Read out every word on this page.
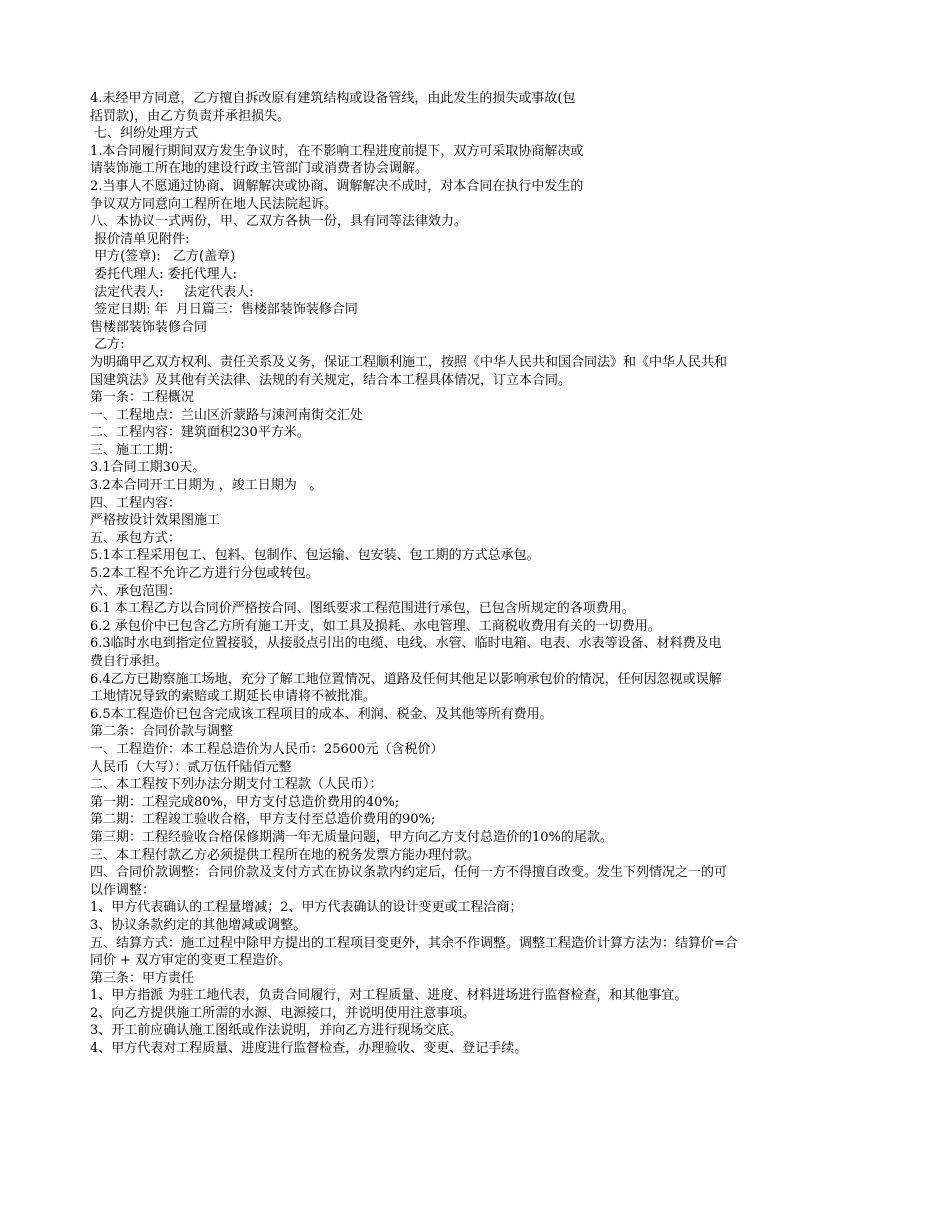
4.未经甲方同意，乙方擅自拆改原有建筑结构或设备管线，由此发生的损失或事故(包
括罚款)，由乙方负责并承担损失。
七、纠纷处理方式
1.本合同履行期间双方发生争议时，在不影响工程进度前提下，双方可采取协商解决或
请装饰施工所在地的建设行政主管部门或消费者协会调解。
2.当事人不愿通过协商、调解解决或协商、调解解决不成时，对本合同在执行中发生的
争议双方同意向工程所在地人民法院起诉。
八、本协议一式两份，甲、乙双方各执一份，具有同等法律效力。
报价清单见附件:
甲方(签章):   乙方(盖章)
委托代理人: 委托代理人:
法定代表人:     法定代表人:
签定日期: 年  月日篇三：售楼部装饰装修合同
售楼部装饰装修合同
乙方:
为明确甲乙双方权利、责任关系及义务，保证工程顺利施工，按照《中华人民共和国合同法》和《中华人民共和
国建筑法》及其他有关法律、法规的有关规定，结合本工程具体情况，订立本合同。
第一条：工程概况
一、工程地点：兰山区沂蒙路与涑河南街交汇处
二、工程内容：建筑面积230平方米。
三、施工工期：
3.1合同工期30天。
3.2本合同开工日期为 ，竣工日期为   。
四、工程内容：
严格按设计效果图施工
五、承包方式：
5.1本工程采用包工、包料、包制作、包运输、包安装、包工期的方式总承包。
5.2本工程不允许乙方进行分包或转包。
六、承包范围：
6.1 本工程乙方以合同价严格按合同、图纸要求工程范围进行承包，已包含所规定的各项费用。
6.2 承包价中已包含乙方所有施工开支，如工具及损耗、水电管理、工商税收费用有关的一切费用。
6.3临时水电到指定位置接驳，从接驳点引出的电缆、电线、水管、临时电箱、电表、水表等设备、材料费及电
费自行承担。
6.4乙方已勘察施工场地，充分了解工地位置情况、道路及任何其他足以影响承包价的情况，任何因忽视或误解
工地情况导致的索赔或工期延长申请将不被批准。
6.5本工程造价已包含完成该工程项目的成本、利润、税金、及其他等所有费用。
第二条：合同价款与调整
一、工程造价：本工程总造价为人民币：25600元（含税价）
人民币（大写）：贰万伍仟陆佰元整
二、本工程按下列办法分期支付工程款（人民币）：
第一期：工程完成80%，甲方支付总造价费用的40%;
第二期：工程竣工验收合格，甲方支付至总造价费用的90%;
第三期：工程经验收合格保修期满一年无质量问题，甲方向乙方支付总造价的10%的尾款。
三、本工程付款乙方必须提供工程所在地的税务发票方能办理付款。
四、合同价款调整：合同价款及支付方式在协议条款内约定后，任何一方不得擅自改变。发生下列情况之一的可
以作调整：
1、甲方代表确认的工程量增减；2、甲方代表确认的设计变更或工程洽商；
3、协议条款约定的其他增减或调整。
五、结算方式：施工过程中除甲方提出的工程项目变更外，其余不作调整。调整工程造价计算方法为：结算价=合
同价 + 双方审定的变更工程造价。
第三条：甲方责任
1、甲方指派 为驻工地代表，负责合同履行，对工程质量、进度、材料进场进行监督检查，和其他事宜。
2、向乙方提供施工所需的水源、电源接口，并说明使用注意事项。
3、开工前应确认施工图纸或作法说明，并向乙方进行现场交底。
4、甲方代表对工程质量、进度进行监督检查，办理验收、变更、登记手续。
